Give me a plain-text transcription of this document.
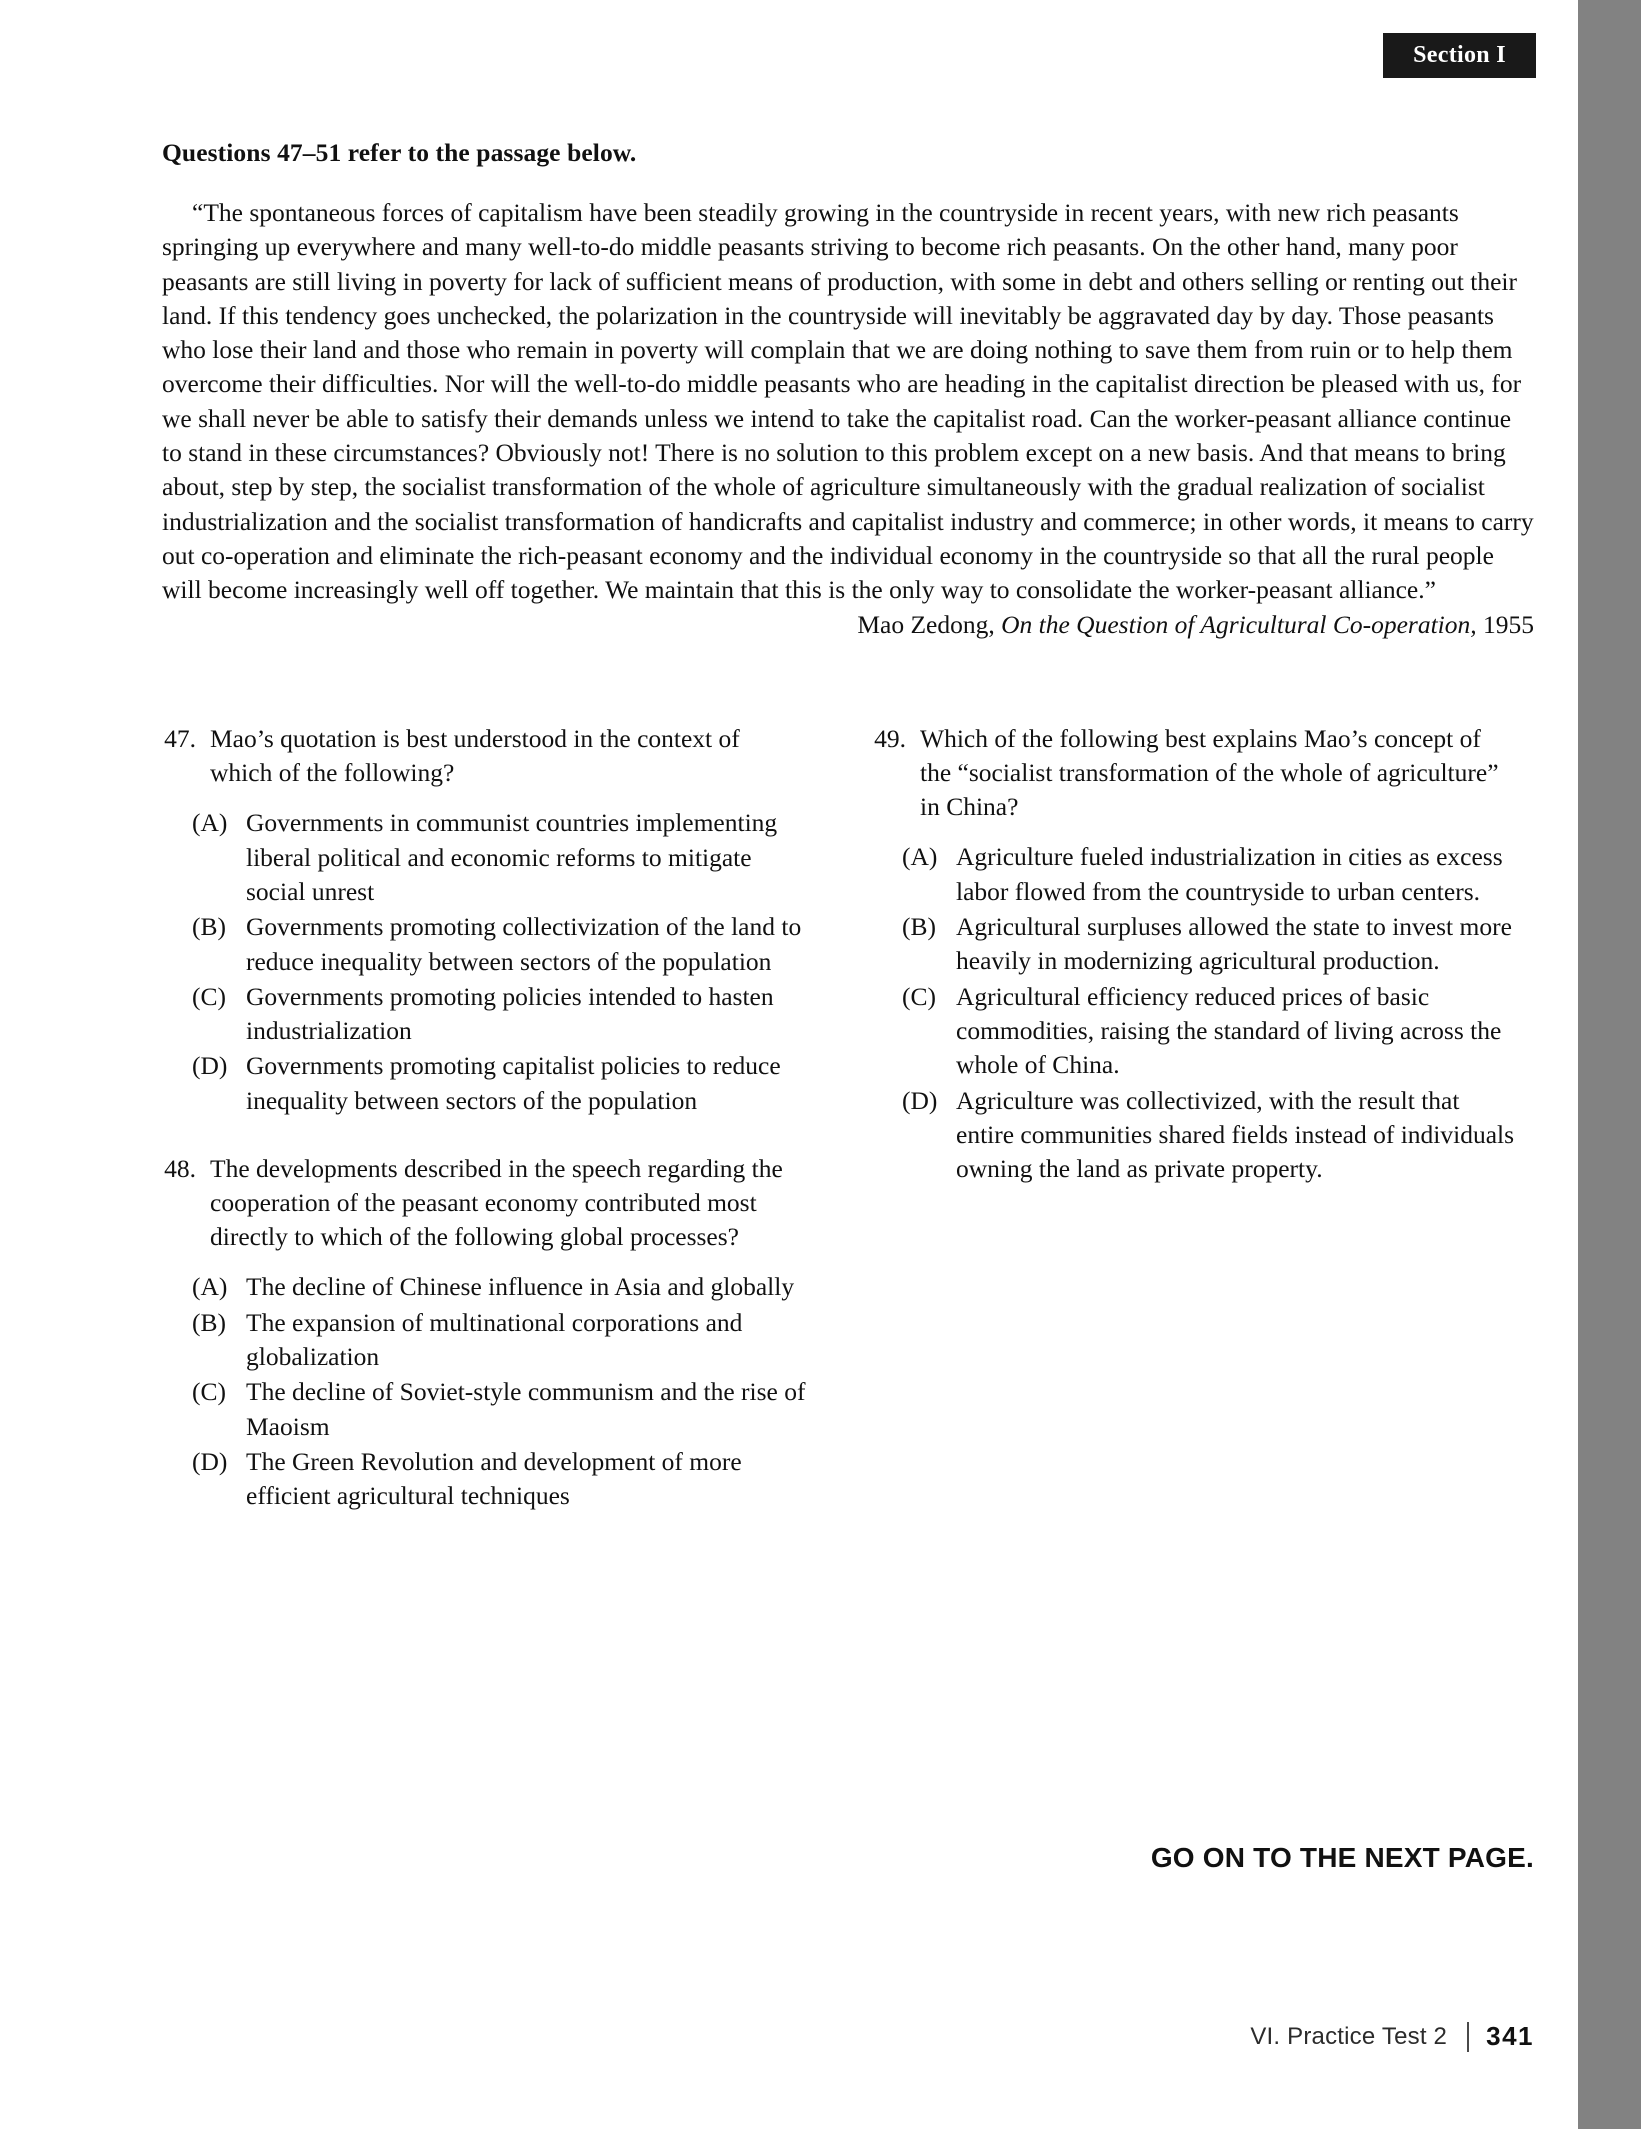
Section I
Questions 47–51 refer to the passage below.
“The spontaneous forces of capitalism have been steadily growing in the countryside in recent years, with new rich peasants springing up everywhere and many well-to-do middle peasants striving to become rich peasants. On the other hand, many poor peasants are still living in poverty for lack of sufficient means of production, with some in debt and others selling or renting out their land. If this tendency goes unchecked, the polarization in the countryside will inevitably be aggravated day by day. Those peasants who lose their land and those who remain in poverty will complain that we are doing nothing to save them from ruin or to help them overcome their difficulties. Nor will the well-to-do middle peasants who are heading in the capitalist direction be pleased with us, for we shall never be able to satisfy their demands unless we intend to take the capitalist road. Can the worker-peasant alliance continue to stand in these circumstances? Obviously not! There is no solution to this problem except on a new basis. And that means to bring about, step by step, the socialist transformation of the whole of agriculture simultaneously with the gradual realization of socialist industrialization and the socialist transformation of handicrafts and capitalist industry and commerce; in other words, it means to carry out co-operation and eliminate the rich-peasant economy and the individual economy in the countryside so that all the rural people will become increasingly well off together. We maintain that this is the only way to consolidate the worker-peasant alliance.”
Mao Zedong, On the Question of Agricultural Co-operation, 1955
47. Mao’s quotation is best understood in the context of which of the following?
(A) Governments in communist countries implementing liberal political and economic reforms to mitigate social unrest
(B) Governments promoting collectivization of the land to reduce inequality between sectors of the population
(C) Governments promoting policies intended to hasten industrialization
(D) Governments promoting capitalist policies to reduce inequality between sectors of the population
48. The developments described in the speech regarding the cooperation of the peasant economy contributed most directly to which of the following global processes?
(A) The decline of Chinese influence in Asia and globally
(B) The expansion of multinational corporations and globalization
(C) The decline of Soviet-style communism and the rise of Maoism
(D) The Green Revolution and development of more efficient agricultural techniques
49. Which of the following best explains Mao’s concept of the “socialist transformation of the whole of agriculture” in China?
(A) Agriculture fueled industrialization in cities as excess labor flowed from the countryside to urban centers.
(B) Agricultural surpluses allowed the state to invest more heavily in modernizing agricultural production.
(C) Agricultural efficiency reduced prices of basic commodities, raising the standard of living across the whole of China.
(D) Agriculture was collectivized, with the result that entire communities shared fields instead of individuals owning the land as private property.
GO ON TO THE NEXT PAGE.
VI. Practice Test 2 341
